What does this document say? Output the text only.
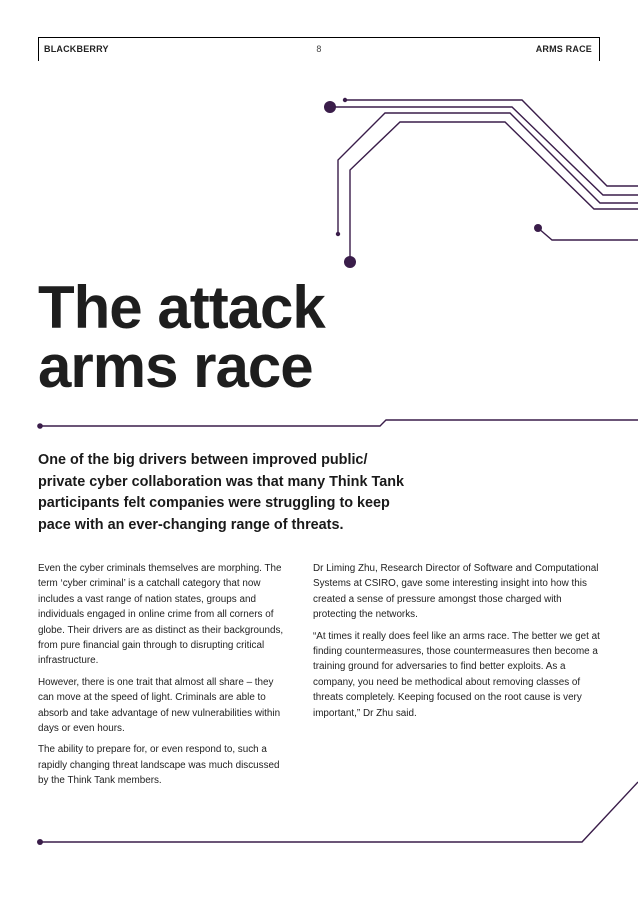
BLACKBERRY	8	ARMS RACE
The attack
arms race

One of the big drivers between improved public/ private cyber collaboration was that many Think Tank participants felt companies were struggling to keep pace with an ever-changing range of threats.

Even the cyber criminals themselves are morphing. The term ‘cyber criminal’ is a catchall category that now includes a vast range of nation states, groups and individuals engaged in online crime from all corners of globe. Their drivers are as distinct as their backgrounds, from pure financial gain through to disrupting critical infrastructure.

However, there is one trait that almost all share – they can move at the speed of light. Criminals are able to absorb and take advantage of new vulnerabilities within days or even hours.

The ability to prepare for, or even respond to, such a rapidly changing threat landscape was much discussed by the Think Tank members.

Dr Liming Zhu, Research Director of Software and Computational Systems at CSIRO, gave some interesting insight into how this created a sense of pressure amongst those charged with protecting the networks.

“At times it really does feel like an arms race. The better we get at finding countermeasures, those countermeasures then become a training ground for adversaries to find better exploits. As a company, you need be methodical about removing classes of threats completely. Keeping focused on the root cause is very important,” Dr Zhu said.
